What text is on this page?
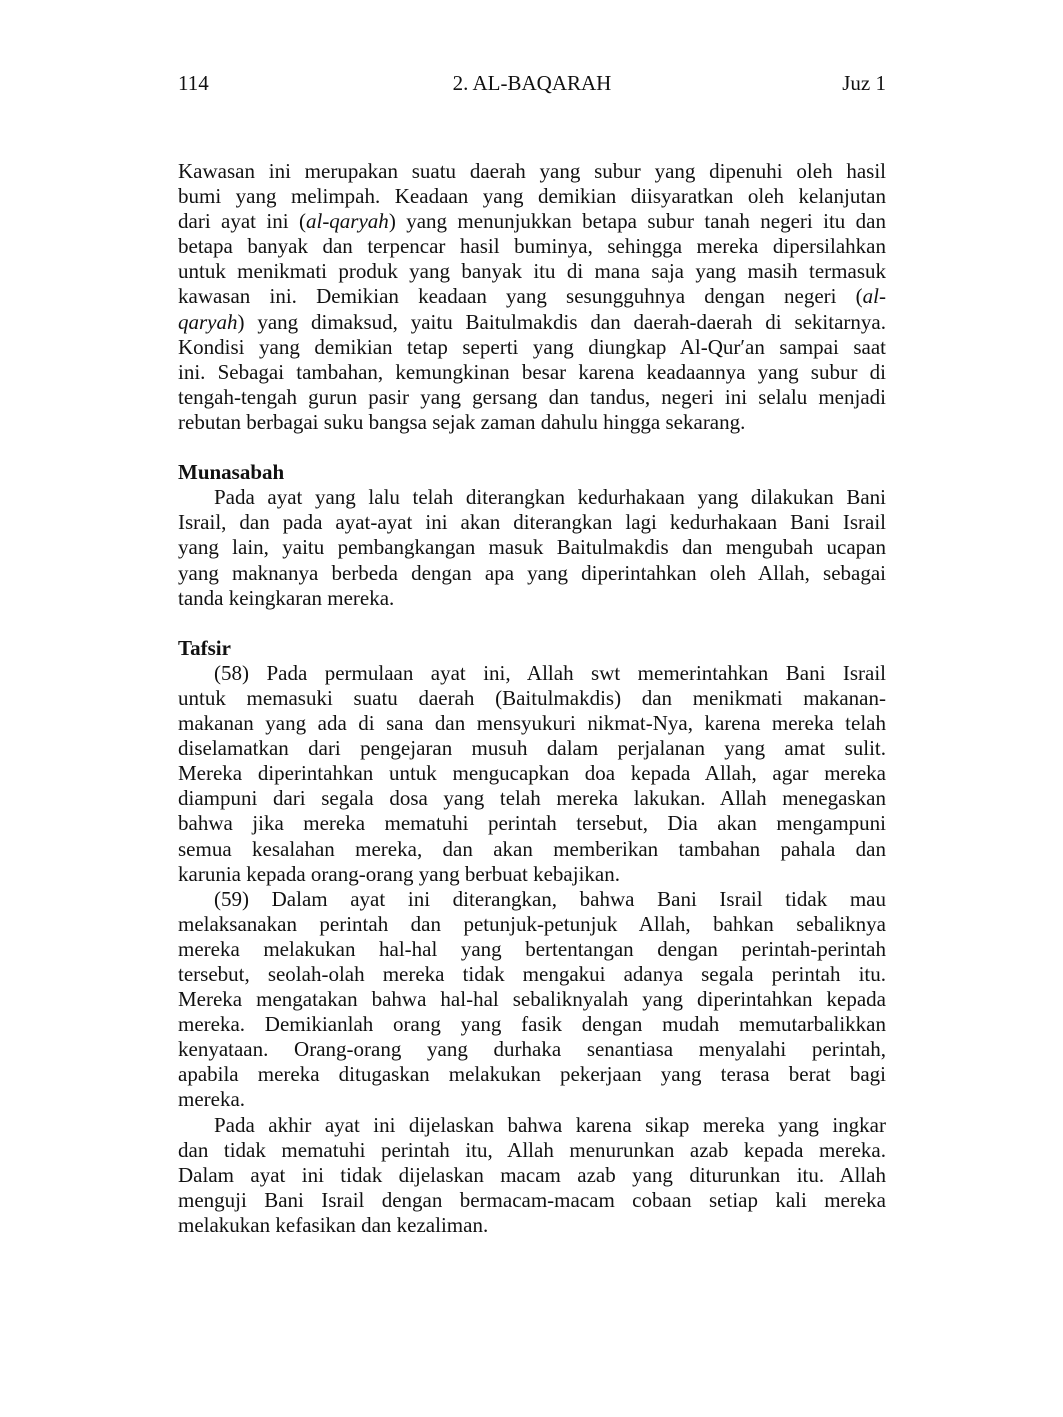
2. AL-BAQARAH
114	Juz 1
Kawasan ini merupakan suatu daerah yang subur yang dipenuhi oleh hasil
bumi yang melimpah. Keadaan yang demikian diisyaratkan oleh kelanjutan
dari ayat ini (al-qaryah) yang menunjukkan betapa subur tanah negeri itu dan
betapa banyak dan terpencar hasil buminya, sehingga mereka dipersilahkan
untuk menikmati produk yang banyak itu di mana saja yang masih termasuk
kawasan ini. Demikian keadaan yang sesungguhnya dengan negeri (al-
qaryah) yang dimaksud, yaitu Baitulmakdis dan daerah-daerah di sekitarnya.
Kondisi yang demikian tetap seperti yang diungkap Al-Qur′an sampai saat
ini. Sebagai tambahan, kemungkinan besar karena keadaannya yang subur di
tengah-tengah gurun pasir yang gersang dan tandus, negeri ini selalu menjadi
rebutan berbagai suku bangsa sejak zaman dahulu hingga sekarang.
Munasabah
Pada ayat yang lalu telah diterangkan kedurhakaan yang dilakukan Bani
Israil, dan pada ayat-ayat ini akan diterangkan lagi kedurhakaan Bani Israil
yang lain, yaitu pembangkangan masuk Baitulmakdis dan mengubah ucapan
yang maknanya berbeda dengan apa yang diperintahkan oleh Allah, sebagai
tanda keingkaran mereka.
Tafsir
(58) Pada permulaan ayat ini, Allah swt memerintahkan Bani Israil
untuk memasuki suatu daerah (Baitulmakdis) dan menikmati makanan-
makanan yang ada di sana dan mensyukuri nikmat-Nya, karena mereka telah
diselamatkan dari pengejaran musuh dalam perjalanan yang amat sulit.
Mereka diperintahkan untuk mengucapkan doa kepada Allah, agar mereka
diampuni dari segala dosa yang telah mereka lakukan. Allah menegaskan
bahwa jika mereka mematuhi perintah tersebut, Dia akan mengampuni
semua kesalahan mereka, dan akan memberikan tambahan pahala dan
karunia kepada orang-orang yang berbuat kebajikan.
(59) Dalam ayat ini diterangkan, bahwa Bani Israil tidak mau
melaksanakan perintah dan petunjuk-petunjuk Allah, bahkan sebaliknya
mereka melakukan hal-hal yang bertentangan dengan perintah-perintah
tersebut, seolah-olah mereka tidak mengakui adanya segala perintah itu.
Mereka mengatakan bahwa hal-hal sebaliknyalah yang diperintahkan kepada
mereka. Demikianlah orang yang fasik dengan mudah memutarbalikkan
kenyataan. Orang-orang yang durhaka senantiasa menyalahi perintah,
apabila mereka ditugaskan melakukan pekerjaan yang terasa berat bagi
mereka.
Pada akhir ayat ini dijelaskan bahwa karena sikap mereka yang ingkar
dan tidak mematuhi perintah itu, Allah menurunkan azab kepada mereka.
Dalam ayat ini tidak dijelaskan macam azab yang diturunkan itu. Allah
menguji Bani Israil dengan bermacam-macam cobaan setiap kali mereka
melakukan kefasikan dan kezaliman.
